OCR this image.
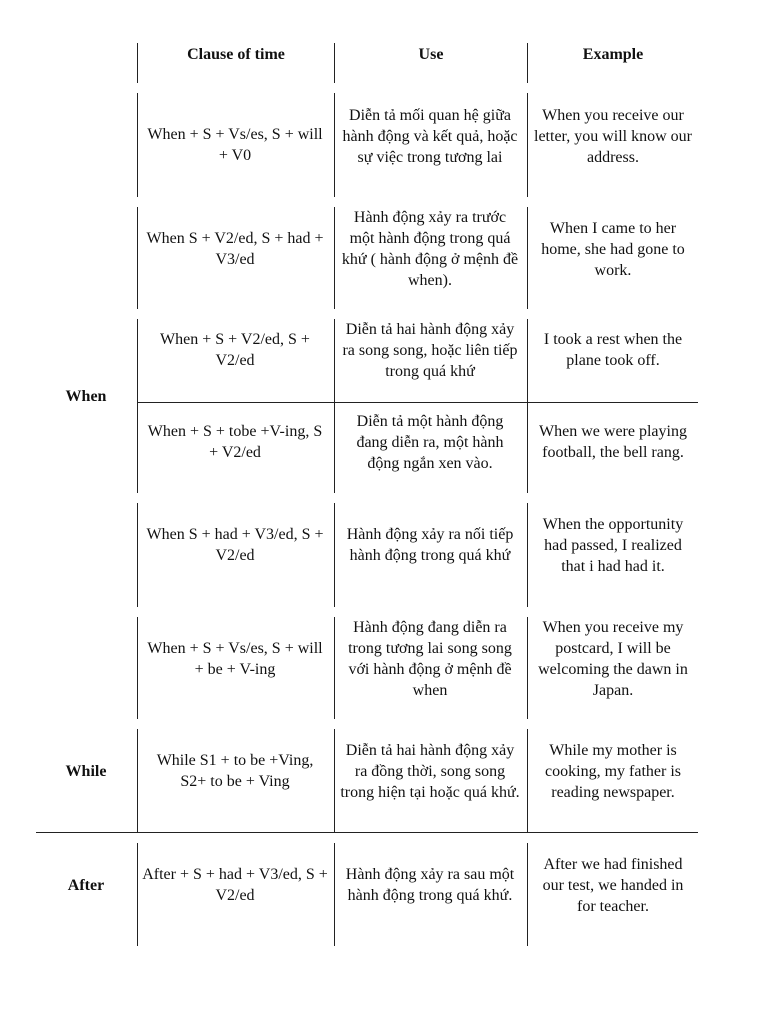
Clause of time	Use	Example
When
While
After
When + S + Vs/es, S + will + V0
Diễn tả mối quan hệ giữa hành động và kết quả, hoặc sự việc trong tương lai
When you receive our letter, you will know our address.
When S + V2/ed, S + had + V3/ed
Hành động xảy ra trước một hành động trong quá khứ ( hành động ở mệnh đề when).
When I came to her home, she had gone to work.
When + S + V2/ed, S + V2/ed
Diễn tả hai hành động xảy ra song song, hoặc liên tiếp trong quá khứ
I took a rest when the plane took off.
When + S + tobe +V-ing, S + V2/ed
Diễn tả một hành động đang diễn ra, một hành động ngắn xen vào.
When we were playing football, the bell rang.
When S + had + V3/ed, S + V2/ed
Hành động xảy ra nối tiếp hành động trong quá khứ
When the opportunity had passed, I realized that i had had it.
When + S + Vs/es, S + will + be + V-ing
Hành động đang diễn ra trong tương lai song song với hành động ở mệnh đề when
When you receive my postcard, I will be welcoming the dawn in Japan.
While S1 + to be +Ving, S2+ to be + Ving
Diễn tả hai hành động xảy ra đồng thời, song song trong hiện tại hoặc quá khứ.
While my mother is cooking, my father is reading newspaper.
After + S + had + V3/ed, S + V2/ed
Hành động xảy ra sau một hành động trong quá khứ.
After we had finished our test, we handed in for teacher.
